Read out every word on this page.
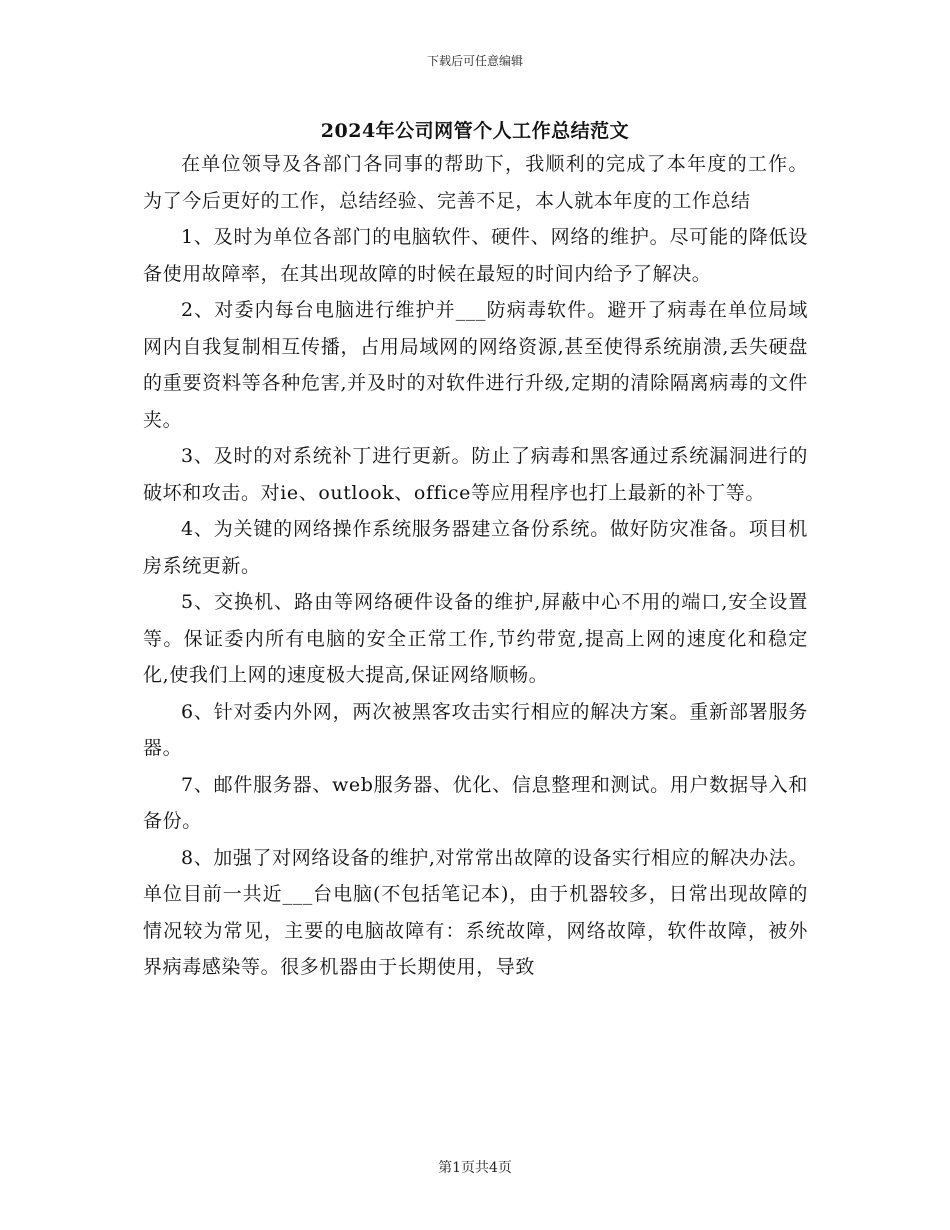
下载后可任意编辑
2024年公司网管个人工作总结范文

在单位领导及各部门各同事的帮助下，我顺利的完成了本年度的工作。为了今后更好的工作，总结经验、完善不足，本人就本年度的工作总结

1、及时为单位各部门的电脑软件、硬件、网络的维护。尽可能的降低设备使用故障率，在其出现故障的时候在最短的时间内给予了解决。

2、对委内每台电脑进行维护并___防病毒软件。避开了病毒在单位局域网内自我复制相互传播，占用局域网的网络资源,甚至使得系统崩溃,丢失硬盘的重要资料等各种危害,并及时的对软件进行升级,定期的清除隔离病毒的文件夹。

3、及时的对系统补丁进行更新。防止了病毒和黑客通过系统漏洞进行的破坏和攻击。对ie、outlook、office等应用程序也打上最新的补丁等。

4、为关键的网络操作系统服务器建立备份系统。做好防灾准备。项目机房系统更新。

5、交换机、路由等网络硬件设备的维护,屏蔽中心不用的端口,安全设置等。保证委内所有电脑的安全正常工作,节约带宽,提高上网的速度化和稳定化,使我们上网的速度极大提高,保证网络顺畅。

6、针对委内外网，两次被黑客攻击实行相应的解决方案。重新部署服务器。

7、邮件服务器、web服务器、优化、信息整理和测试。用户数据导入和备份。

8、加强了对网络设备的维护,对常常出故障的设备实行相应的解决办法。单位目前一共近___台电脑(不包括笔记本)，由于机器较多，日常出现故障的情况较为常见，主要的电脑故障有：系统故障，网络故障，软件故障，被外界病毒感染等。很多机器由于长期使用，导致

第1页共4页
